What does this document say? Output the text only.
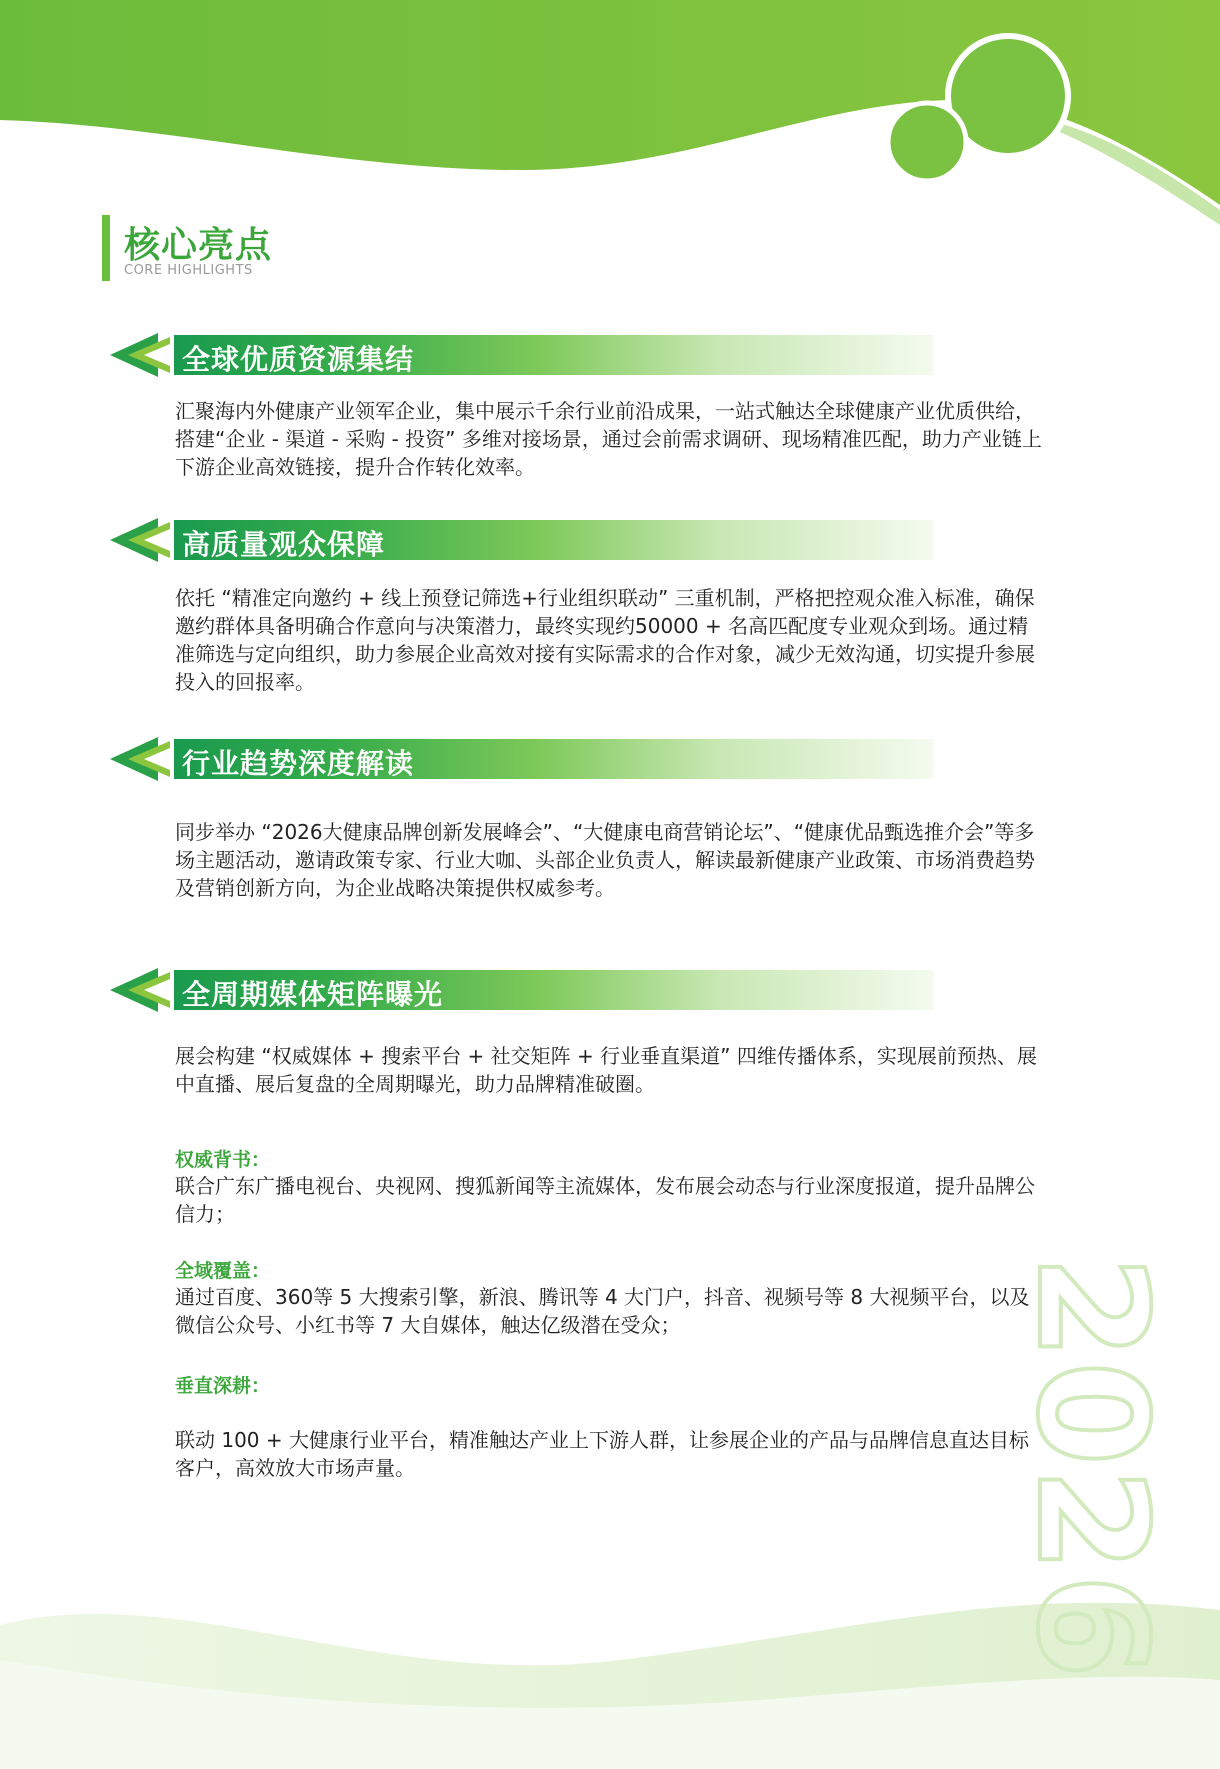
2026
核心亮点
CORE HIGHLIGHTS
全球优质资源集结

汇聚海内外健康产业领军企业，集中展示千余行业前沿成果，一站式触达全球健康产业优质供给，搭建“企业 - 渠道 - 采购 - 投资” 多维对接场景，通过会前需求调研、现场精准匹配，助力产业链上下游企业高效链接，提升合作转化效率。

高质量观众保障

依托 “精准定向邀约 + 线上预登记筛选+行业组织联动” 三重机制，严格把控观众准入标准，确保邀约群体具备明确合作意向与决策潜力，最终实现约50000 + 名高匹配度专业观众到场。通过精准筛选与定向组织，助力参展企业高效对接有实际需求的合作对象，减少无效沟通，切实提升参展投入的回报率。

行业趋势深度解读

同步举办 “2026大健康品牌创新发展峰会”、“大健康电商营销论坛”、“健康优品甄选推介会”等多场主题活动，邀请政策专家、行业大咖、头部企业负责人，解读最新健康产业政策、市场消费趋势及营销创新方向，为企业战略决策提供权威参考。

全周期媒体矩阵曝光

展会构建 “权威媒体 + 搜索平台 + 社交矩阵 + 行业垂直渠道” 四维传播体系，实现展前预热、展中直播、展后复盘的全周期曝光，助力品牌精准破圈。

权威背书：

联合广东广播电视台、央视网、搜狐新闻等主流媒体，发布展会动态与行业深度报道，提升品牌公信力；

全域覆盖：

通过百度、360等 5 大搜索引擎，新浪、腾讯等 4 大门户，抖音、视频号等 8 大视频平台，以及微信公众号、小红书等 7 大自媒体，触达亿级潜在受众；

垂直深耕：

联动 100 + 大健康行业平台，精准触达产业上下游人群，让参展企业的产品与品牌信息直达目标客户，高效放大市场声量。
